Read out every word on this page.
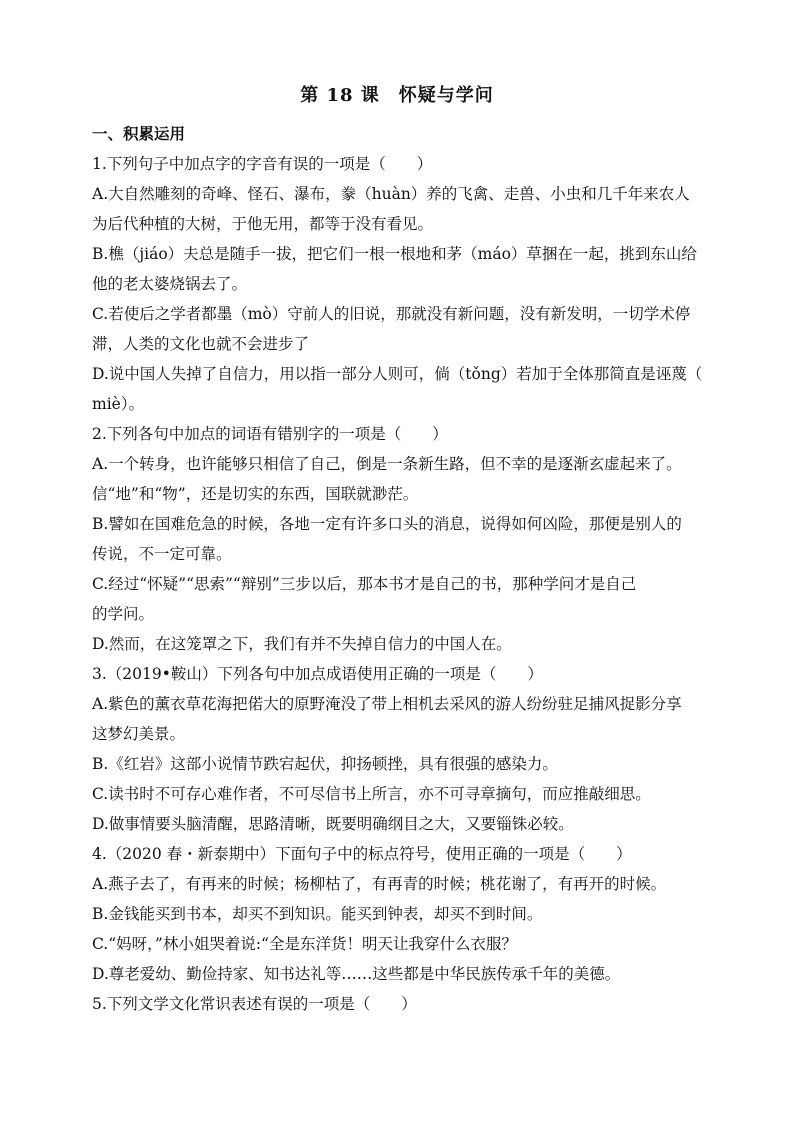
第 18 课　怀疑与学问
一、积累运用
1.下列句子中加点字的字音有误的一项是（　　）
A.大自然雕刻的奇峰、怪石、瀑布，豢（huàn）养的飞禽、走兽、小虫和几千年来农人
为后代种植的大树，于他无用，都等于没有看见。
B.樵（jiáo）夫总是随手一拔，把它们一根一根地和茅（máo）草捆在一起，挑到东山给
他的老太婆烧锅去了。
C.若使后之学者都墨（mò）守前人的旧说，那就没有新问题，没有新发明，一切学术停
滞，人类的文化也就不会进步了
D.说中国人失掉了自信力，用以指一部分人则可，倘（tǒng）若加于全体那简直是诬蔑（
miè）。
2.下列各句中加点的词语有错别字的一项是（　　）
A.一个转身，也许能够只相信了自己，倒是一条新生路，但不幸的是逐渐玄虚起来了。
信“地”和“物”，还是切实的东西，国联就渺茫。
B.譬如在国难危急的时候，各地一定有许多口头的消息，说得如何凶险，那便是别人的
传说，不一定可靠。
C.经过“怀疑”“思索”“辩别”三步以后，那本书才是自己的书，那种学问才是自己
的学问。
D.然而，在这笼罩之下，我们有并不失掉自信力的中国人在。
3.（2019•鞍山）下列各句中加点成语使用正确的一项是（　　）
A.紫色的薰衣草花海把偌大的原野淹没了带上相机去采风的游人纷纷驻足捕风捉影分享
这梦幻美景。
B.《红岩》这部小说情节跌宕起伏，抑扬顿挫，具有很强的感染力。
C.读书时不可存心难作者，不可尽信书上所言，亦不可寻章摘句，而应推敲细思。
D.做事情要头脑清醒，思路清晰，既要明确纲目之大，又要锱铢必较。
4.（2020 春・新泰期中）下面句子中的标点符号，使用正确的一项是（　　）
A.燕子去了，有再来的时候；杨柳枯了，有再青的时候；桃花谢了，有再开的时候。
B.金钱能买到书本，却买不到知识。能买到钟表，却买不到时间。
C.“妈呀，”林小姐哭着说:“全是东洋货！明天让我穿什么衣服？
D.尊老爱幼、勤俭持家、知书达礼等……这些都是中华民族传承千年的美德。
5.下列文学文化常识表述有误的一项是（　　）
